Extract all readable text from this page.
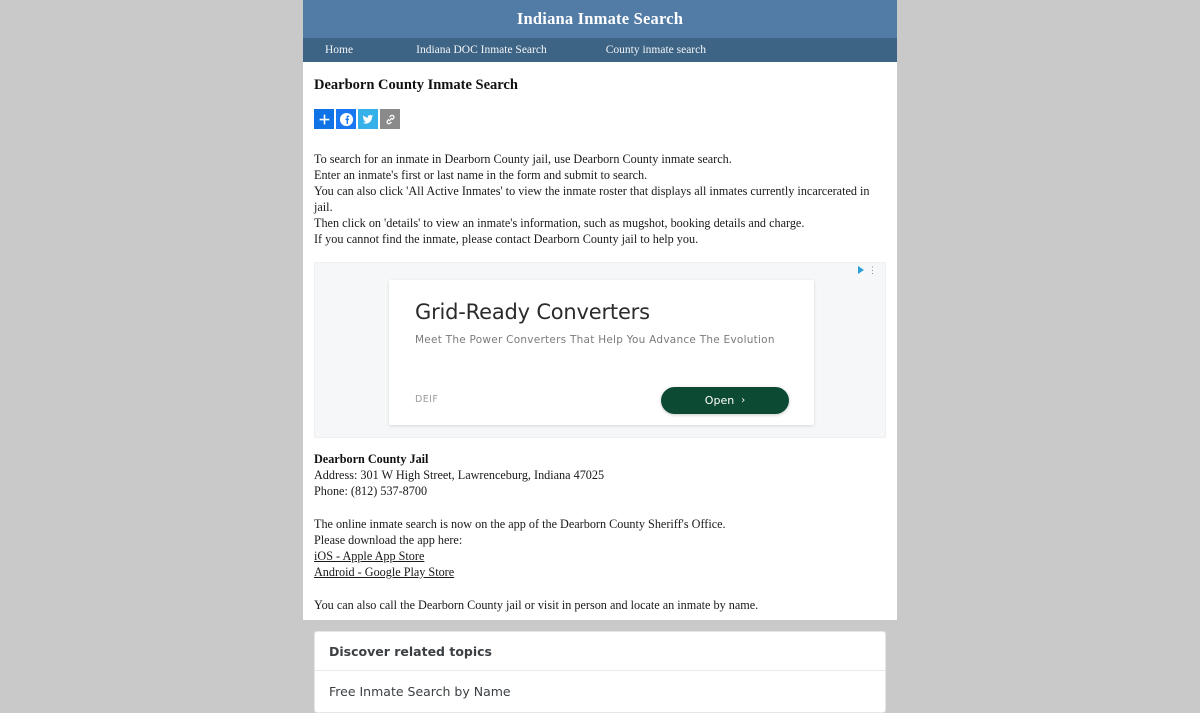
Indiana Inmate Search
Home	Indiana DOC Inmate Search	County inmate search
Dearborn County Inmate Search

To search for an inmate in Dearborn County jail, use Dearborn County inmate search.

Enter an inmate's first or last name in the form and submit to search.

You can also click 'All Active Inmates' to view the inmate roster that displays all inmates currently incarcerated in jail.

Then click on 'details' to view an inmate's information, such as mugshot, booking details and charge.

If you cannot find the inmate, please contact Dearborn County jail to help you.

⋮
Grid-Ready Converters
Meet The Power Converters That Help You Advance The Evolution
DEIF	Open ›
Dearborn County Jail
Address: 301 W High Street, Lawrenceburg, Indiana 47025
Phone: (812) 537-8700
The online inmate search is now on the app of the Dearborn County Sheriff's Office.
Please download the app here:
iOS - Apple App Store
Android - Google Play Store
You can also call the Dearborn County jail or visit in person and locate an inmate by name.
Discover related topics
Free Inmate Search by Name
